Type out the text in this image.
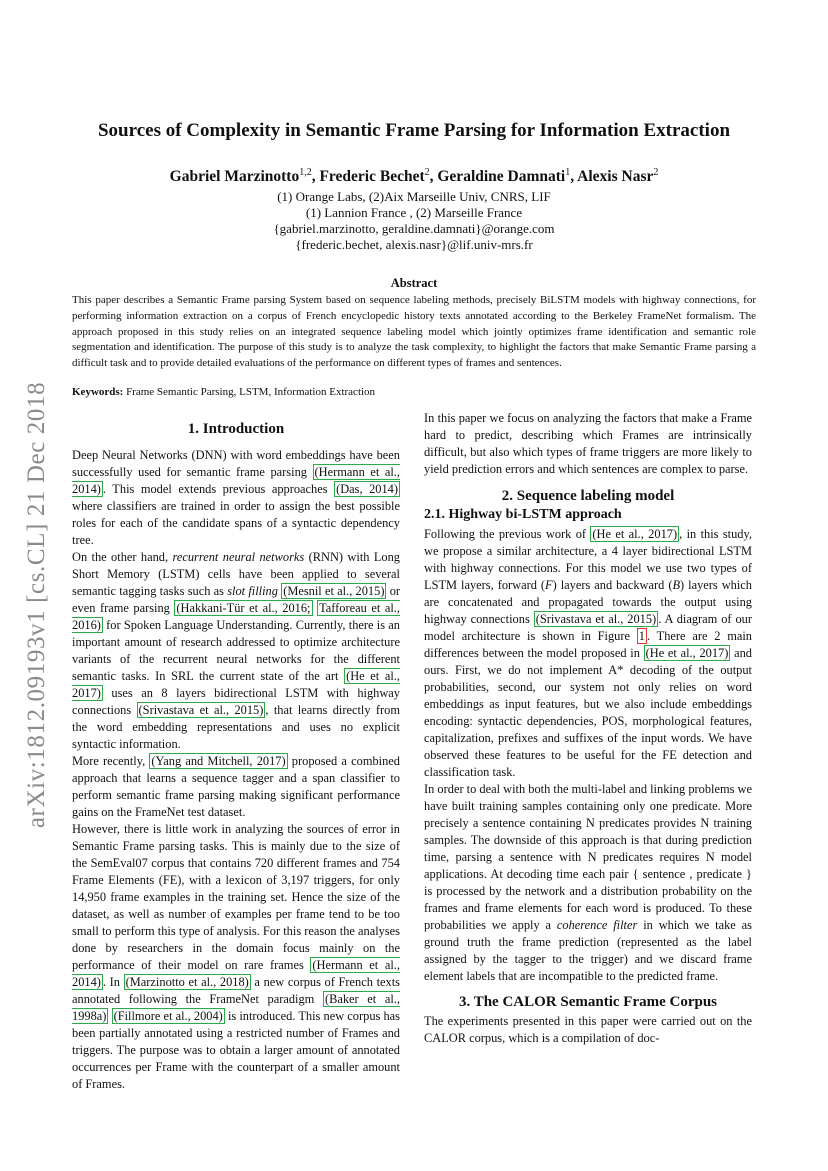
arXiv:1812.09193v1 [cs.CL] 21 Dec 2018
Sources of Complexity in Semantic Frame Parsing for Information Extraction
Gabriel Marzinotto$^{1,2}$, Frederic Bechet$^2$, Geraldine Damnati$^1$, Alexis Nasr$^2$
(1) Orange Labs, (2)Aix Marseille Univ, CNRS, LIF
(1) Lannion France , (2) Marseille France
{gabriel.marzinotto, geraldine.damnati}@orange.com
{frederic.bechet, alexis.nasr}@lif.univ-mrs.fr
Abstract
This paper describes a Semantic Frame parsing System based on sequence labeling methods, precisely BiLSTM models with highway connections, for performing information extraction on a corpus of French encyclopedic history texts annotated according to the Berkeley FrameNet formalism. The approach proposed in this study relies on an integrated sequence labeling model which jointly optimizes frame identification and semantic role segmentation and identification. The purpose of this study is to analyze the task complexity, to highlight the factors that make Semantic Frame parsing a difficult task and to provide detailed evaluations of the performance on different types of frames and sentences.
Keywords: Frame Semantic Parsing, LSTM, Information Extraction
1. Introduction

Deep Neural Networks (DNN) with word embeddings have been successfully used for semantic frame parsing (Hermann et al., 2014) . This model extends previous approaches (Das, 2014) where classifiers are trained in order to assign the best possible roles for each of the candidate spans of a syntactic dependency tree.

On the other hand, recurrent neural networks (RNN) with Long Short Memory (LSTM) cells have been applied to several semantic tagging tasks such as slot filling (Mesnil et al., 2015) or even frame parsing (Hakkani-Tür et al., 2016; Tafforeau et al., 2016) for Spoken Language Understanding. Currently, there is an important amount of research addressed to optimize architecture variants of the recurrent neural networks for the different semantic tasks. In SRL the current state of the art (He et al., 2017) uses an 8 layers bidirectional LSTM with highway connections (Srivastava et al., 2015) , that learns directly from the word embedding representations and uses no explicit syntactic information.

More recently, (Yang and Mitchell, 2017) proposed a combined approach that learns a sequence tagger and a span classifier to perform semantic frame parsing making significant performance gains on the FrameNet test dataset.

However, there is little work in analyzing the sources of error in Semantic Frame parsing tasks. This is mainly due to the size of the SemEval07 corpus that contains 720 different frames and 754 Frame Elements (FE), with a lexicon of 3,197 triggers, for only 14,950 frame examples in the training set. Hence the size of the dataset, as well as number of examples per frame tend to be too small to perform this type of analysis. For this reason the analyses done by researchers in the domain focus mainly on the performance of their model on rare frames (Hermann et al., 2014) . In (Marzinotto et al., 2018) a new corpus of French texts annotated following the FrameNet paradigm (Baker et al., 1998a) (Fillmore et al., 2004) is introduced. This new corpus has been partially annotated using a restricted number of Frames and triggers. The purpose was to obtain a larger amount of annotated occurrences per Frame with the counterpart of a smaller amount of Frames.

In this paper we focus on analyzing the factors that make a Frame hard to predict, describing which Frames are intrinsically difficult, but also which types of frame triggers are more likely to yield prediction errors and which sentences are complex to parse.

2. Sequence labeling model
2.1. Highway bi-LSTM approach

Following the previous work of (He et al., 2017) , in this study, we propose a similar architecture, a 4 layer bidirectional LSTM with highway connections. For this model we use two types of LSTM layers, forward (F) layers and backward (B) layers which are concatenated and propagated towards the output using highway connections (Srivastava et al., 2015) . A diagram of our model architecture is shown in Figure 1 . There are 2 main differences between the model proposed in (He et al., 2017) and ours. First, we do not implement A* decoding of the output probabilities, second, our system not only relies on word embeddings as input features, but we also include embeddings encoding: syntactic dependencies, POS, morphological features, capitalization, prefixes and suffixes of the input words. We have observed these features to be useful for the FE detection and classification task.

In order to deal with both the multi-label and linking problems we have built training samples containing only one predicate. More precisely a sentence containing N predicates provides N training samples. The downside of this approach is that during prediction time, parsing a sentence with N predicates requires N model applications. At decoding time each pair { sentence , predicate } is processed by the network and a distribution probability on the frames and frame elements for each word is produced. To these probabilities we apply a coherence filter in which we take as ground truth the frame prediction (represented as the label assigned by the tagger to the trigger) and we discard frame element labels that are incompatible to the predicted frame.

3. The CALOR Semantic Frame Corpus

The experiments presented in this paper were carried out on the CALOR corpus, which is a compilation of doc-
